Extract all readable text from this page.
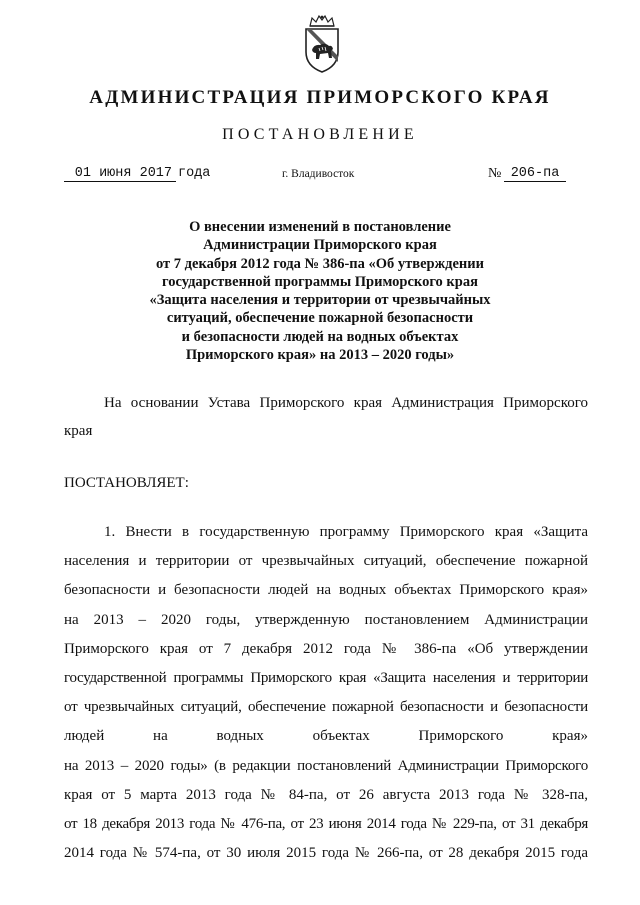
АДМИНИСТРАЦИЯ ПРИМОРСКОГО КРАЯ
ПОСТАНОВЛЕНИЕ
01 июня 2017 года	г. Владивосток	№ 206-па
О внесении изменений в постановление
Администрации Приморского края
от 7 декабря 2012 года № 386-па «Об утверждении
государственной программы Приморского края
«Защита населения и территории от чрезвычайных
ситуаций, обеспечение пожарной безопасности
и безопасности людей на водных объектах
Приморского края» на 2013 – 2020 годы»
На основании Устава Приморского края Администрация Приморского
края
ПОСТАНОВЛЯЕТ:
1. Внести в государственную программу Приморского края «Защита
населения и территории от чрезвычайных ситуаций, обеспечение пожарной
безопасности и безопасности людей на водных объектах Приморского края»
на 2013 – 2020 годы, утвержденную постановлением Администрации
Приморского края от 7 декабря 2012 года № 386-па «Об утверждении
государственной программы Приморского края «Защита населения и территории
от чрезвычайных ситуаций, обеспечение пожарной безопасности и безопасности
людей на водных объектах Приморского края»
на 2013 – 2020 годы» (в редакции постановлений Администрации Приморского
края от 5 марта 2013 года № 84-па, от 26 августа 2013 года № 328-па,
от 18 декабря 2013 года № 476-па, от 23 июня 2014 года № 229-па, от 31 декабря
2014 года № 574-па, от 30 июля 2015 года № 266-па, от 28 декабря 2015 года
